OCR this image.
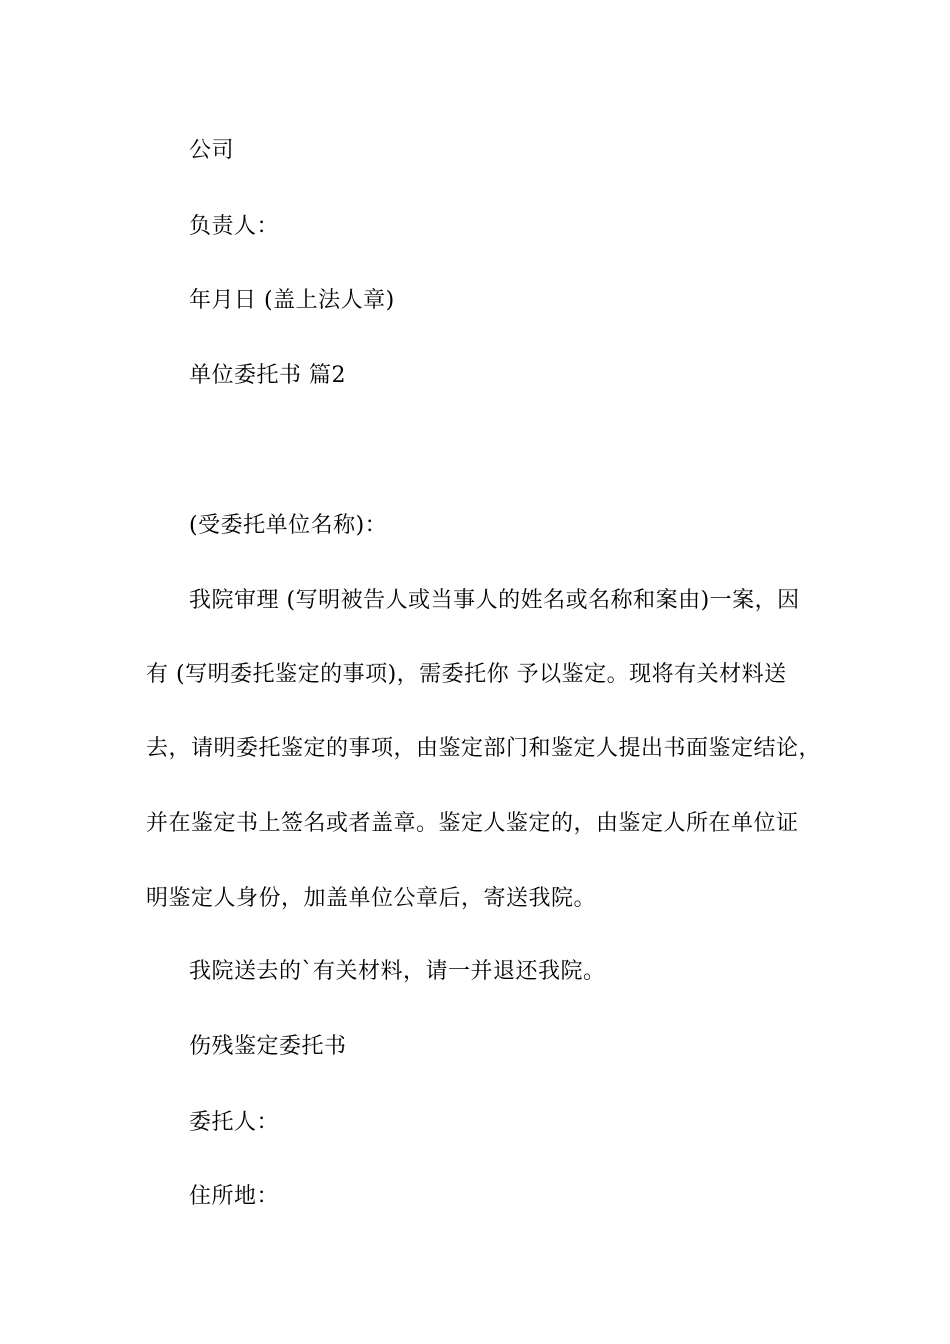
公司
负责人：
年月日 (盖上法人章)
单位委托书 篇2
(受委托单位名称)：
我院审理 (写明被告人或当事人的姓名或名称和案由)一案，因
有 (写明委托鉴定的事项)，需委托你 予以鉴定。现将有关材料送
去，请明委托鉴定的事项，由鉴定部门和鉴定人提出书面鉴定结论，
并在鉴定书上签名或者盖章。鉴定人鉴定的，由鉴定人所在单位证
明鉴定人身份，加盖单位公章后，寄送我院。
我院送去的`有关材料，请一并退还我院。
伤残鉴定委托书
委托人：
住所地：
